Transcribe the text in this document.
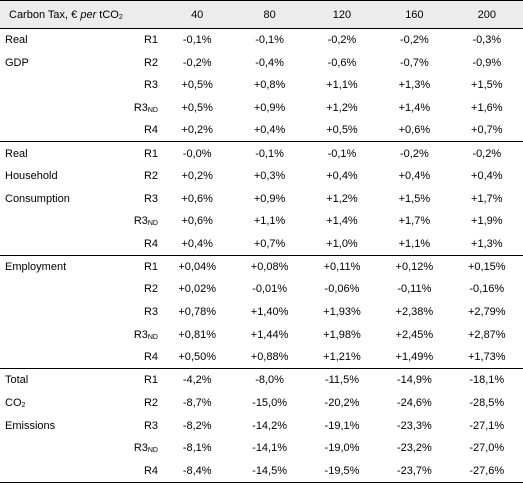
Carbon Tax, € per tCO$_2$		40	80	120	160	200
Real	R1	-0,1%	-0,1%	-0,2%	-0,2%	-0,3%
GDP	R2	-0,2%	-0,4%	-0,6%	-0,7%	-0,9%
	R3	+0,5%	+0,8%	+1,1%	+1,3%	+1,5%
	$R3_{ND}$	+0,5%	+0,9%	+1,2%	+1,4%	+1,6%
	R4	+0,2%	+0,4%	+0,5%	+0,6%	+0,7%
Real	R1	-0,0%	-0,1%	-0,1%	-0,2%	-0,2%
Household	R2	+0,2%	+0,3%	+0,4%	+0,4%	+0,4%
Consumption	R3	+0,6%	+0,9%	+1,2%	+1,5%	+1,7%
	$R3_{ND}$	+0,6%	+1,1%	+1,4%	+1,7%	+1,9%
	R4	+0,4%	+0,7%	+1,0%	+1,1%	+1,3%
Employment	R1	+0,04%	+0,08%	+0,11%	+0,12%	+0,15%
	R2	+0,02%	-0,01%	-0,06%	-0,11%	-0,16%
	R3	+0,78%	+1,40%	+1,93%	+2,38%	+2,79%
	$R3_{ND}$	+0,81%	+1,44%	+1,98%	+2,45%	+2,87%
	R4	+0,50%	+0,88%	+1,21%	+1,49%	+1,73%
Total	R1	-4,2%	-8,0%	-11,5%	-14,9%	-18,1%
$CO_2$	R2	-8,7%	-15,0%	-20,2%	-24,6%	-28,5%
Emissions	R3	-8,2%	-14,2%	-19,1%	-23,3%	-27,1%
	$R3_{ND}$	-8,1%	-14,1%	-19,0%	-23,2%	-27,0%
	R4	-8,4%	-14,5%	-19,5%	-23,7%	-27,6%
